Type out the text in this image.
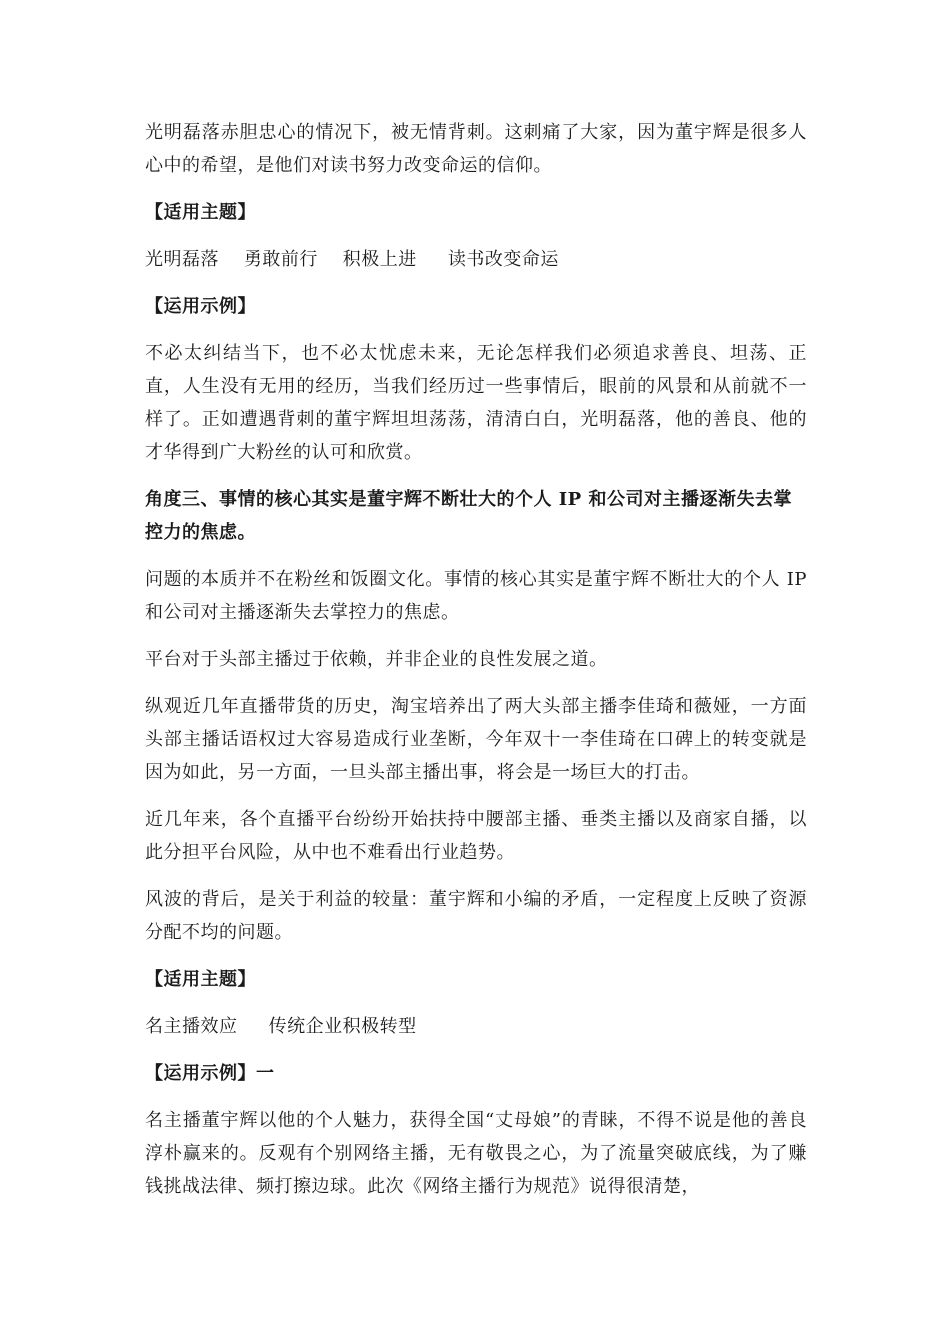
光明磊落赤胆忠心的情况下，被无情背刺。这刺痛了大家，因为董宇辉是很多人心中的希望，是他们对读书努力改变命运的信仰。

【适用主题】

光明磊落    勇敢前行    积极上进     读书改变命运

【运用示例】

不必太纠结当下，也不必太忧虑未来，无论怎样我们必须追求善良、坦荡、正直，人生没有无用的经历，当我们经历过一些事情后，眼前的风景和从前就不一样了。正如遭遇背刺的董宇辉坦坦荡荡，清清白白，光明磊落，他的善良、他的才华得到广大粉丝的认可和欣赏。

角度三、事情的核心其实是董宇辉不断壮大的个人 IP 和公司对主播逐渐失去掌控力的焦虑。

问题的本质并不在粉丝和饭圈文化。事情的核心其实是董宇辉不断壮大的个人 IP 和公司对主播逐渐失去掌控力的焦虑。

平台对于头部主播过于依赖，并非企业的良性发展之道。

纵观近几年直播带货的历史，淘宝培养出了两大头部主播李佳琦和薇娅，一方面头部主播话语权过大容易造成行业垄断，今年双十一李佳琦在口碑上的转变就是因为如此，另一方面，一旦头部主播出事，将会是一场巨大的打击。

近几年来，各个直播平台纷纷开始扶持中腰部主播、垂类主播以及商家自播，以此分担平台风险，从中也不难看出行业趋势。

风波的背后，是关于利益的较量：董宇辉和小编的矛盾，一定程度上反映了资源分配不均的问题。

【适用主题】

名主播效应     传统企业积极转型

【运用示例】一

名主播董宇辉以他的个人魅力，获得全国“丈母娘”的青睐，不得不说是他的善良淳朴赢来的。反观有个别网络主播，无有敬畏之心，为了流量突破底线，为了赚钱挑战法律、频打擦边球。此次《网络主播行为规范》说得很清楚，
